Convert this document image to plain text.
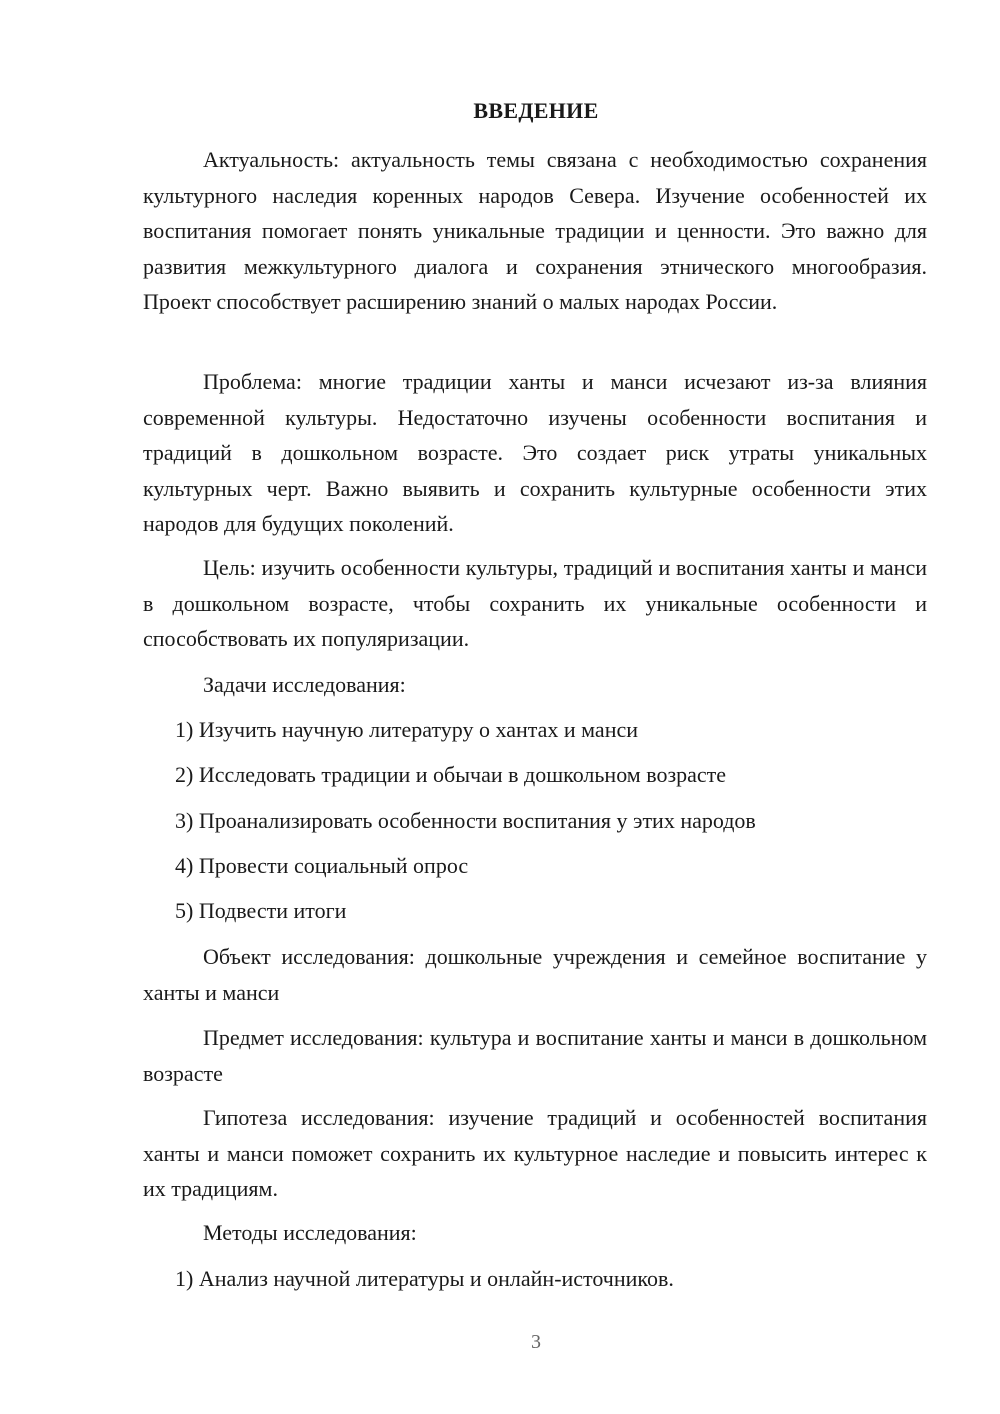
ВВЕДЕНИЕ

Актуальность: актуальность темы связана с необходимостью сохранения культурного наследия коренных народов Севера. Изучение особенностей их воспитания помогает понять уникальные традиции и ценности. Это важно для развития межкультурного диалога и сохранения этнического многообразия. Проект способствует расширению знаний о малых народах России.

Проблема: многие традиции ханты и манси исчезают из-за влияния современной культуры. Недостаточно изучены особенности воспитания и традиций в дошкольном возрасте. Это создает риск утраты уникальных культурных черт. Важно выявить и сохранить культурные особенности этих народов для будущих поколений.

Цель: изучить особенности культуры, традиций и воспитания ханты и манси в дошкольном возрасте, чтобы сохранить их уникальные особенности и способствовать их популяризации.

Задачи исследования:

1) Изучить научную литературу о хантах и манси

2) Исследовать традиции и обычаи в дошкольном возрасте

3) Проанализировать особенности воспитания у этих народов

4) Провести социальный опрос

5) Подвести итоги

Объект исследования: дошкольные учреждения и семейное воспитание у ханты и манси

Предмет исследования: культура и воспитание ханты и манси в дошкольном возрасте

Гипотеза исследования: изучение традиций и особенностей воспитания ханты и манси поможет сохранить их культурное наследие и повысить интерес к их традициям.

Методы исследования:

1) Анализ научной литературы и онлайн-источников.

3
